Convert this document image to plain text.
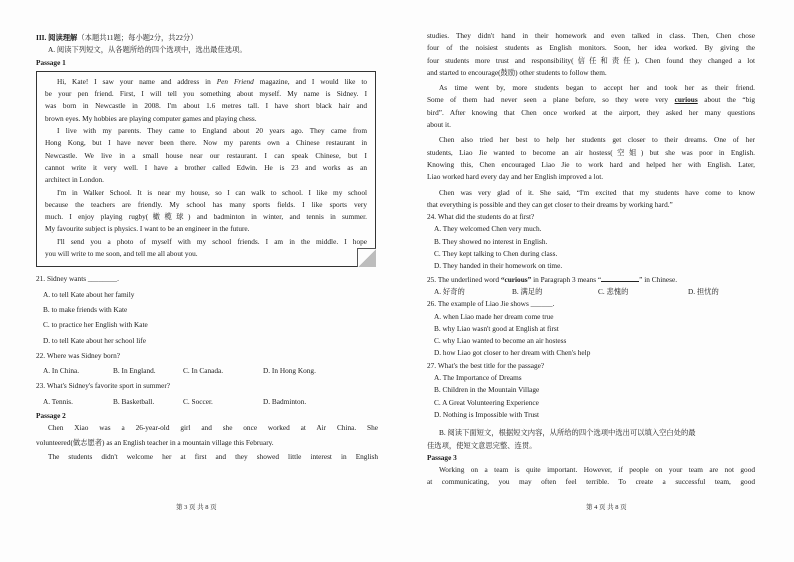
III. 阅读理解（本题共11题；每小题2分，共22分）
A. 阅读下列短文，从各题所给的四个选项中，选出最佳选项。
Passage 1

Hi, Kate! I saw your name and address in Pen Friend magazine, and I would like to

be your pen friend. First, I will tell you something about myself. My name is Sidney. I

was born in Newcastle in 2008. I'm about 1.6 metres tall. I have short black hair and

brown eyes. My hobbies are playing computer games and playing chess.

I live with my parents. They came to England about 20 years ago. They came from

Hong Kong, but I have never been there. Now my parents own a Chinese restaurant in

Newcastle. We live in a small house near our restaurant. I can speak Chinese, but I

cannot write it very well. I have a brother called Edwin. He is 23 and works as an

architect in London.

I'm in Walker School. It is near my house, so I can walk to school. I like my school

because the teachers are friendly. My school has many sports fields. I like sports very

much. I enjoy playing rugby(橄榄球) and badminton in winter, and tennis in summer.

My favourite subject is physics. I want to be an engineer in the future.

I'll send you a photo of myself with my school friends. I am in the middle. I hope

you will write to me soon, and tell me all about you.

21. Sidney wants ________.
A. to tell Kate about her family
B. to make friends with Kate
C. to practice her English with Kate
D. to tell Kate about her school life
22. Where was Sidney born?
A. In China.	B. In England.	C. In Canada.	D. In Hong Kong.
23. What's Sidney's favorite sport in summer?
A. Tennis.	B. Basketball.	C. Soccer.	D. Badminton.
Passage 2
Chen Xiao was a 26-year-old girl and she once worked at Air China. She
volunteered(做志愿者) as an English teacher in a mountain village this February.
The students didn't welcome her at first and they showed little interest in English
studies. They didn't hand in their homework and even talked in class. Then, Chen chose
four of the noisiest students as English monitors. Soon, her idea worked. By giving the
four students more trust and responsibility(信任和责任), Chen found they changed a lot
and started to encourage(鼓励) other students to follow them.
As time went by, more students began to accept her and took her as their friend.
Some of them had never seen a plane before, so they were very curious about the “big
bird”. After knowing that Chen once worked at the airport, they asked her many questions
about it.
Chen also tried her best to help her students get closer to their dreams. One of her
students, Liao Jie wanted to become an air hostess(空姐) but she was poor in English.
Knowing this, Chen encouraged Liao Jie to work hard and helped her with English. Later,
Liao worked hard every day and her English improved a lot.
Chen was very glad of it. She said, “I'm excited that my students have come to know
that everything is possible and they can get closer to their dreams by working hard.”
24. What did the students do at first?
A. They welcomed Chen very much.
B. They showed no interest in English.
C. They kept talking to Chen during class.
D. They handed in their homework on time.
25. The underlined word “curious” in Paragraph 3 means “	” in Chinese.
A. 好奇的	B. 满足的	C. 悲愧的	D. 担忧的
26. The example of Liao Jie shows ______.
A. when Liao made her dream come true
B. why Liao wasn't good at English at first
C. why Liao wanted to become an air hostess
D. how Liao got closer to her dream with Chen's help
27. What's the best title for the passage?
A. The Importance of Dreams
B. Children in the Mountain Village
C. A Great Volunteering Experience
D. Nothing is Impossible with Trust
B. 阅读下面短文，根据短文内容，从所给的四个选项中选出可以填入空白处的最
佳选项，使短文意思完整、连贯。
Passage 3
Working on a team is quite important. However, if people on your team are not good
at communicating, you may often feel terrible. To create a successful team, good
第 3 页 共 8 页	第 4 页 共 8 页
